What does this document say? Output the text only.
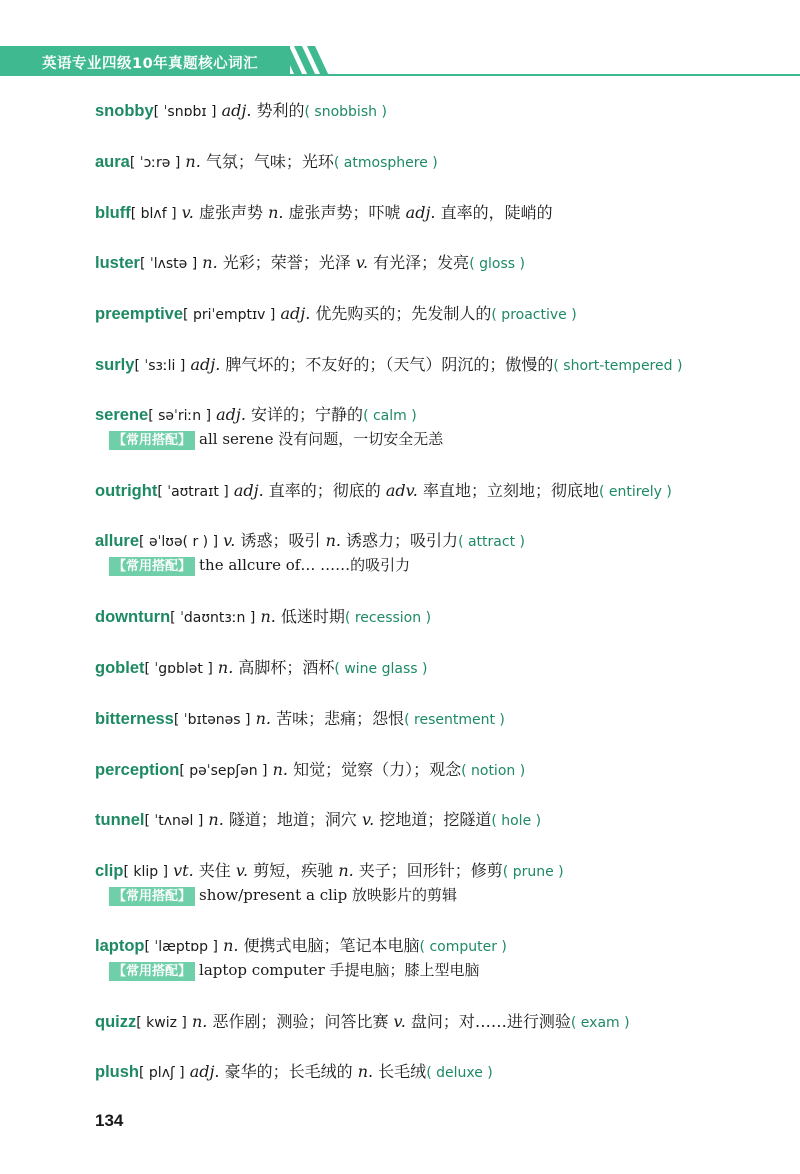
英语专业四级10年真题核心词汇
snobby[ ˈsnɒbɪ ] adj. 势利的( snobbish )
aura[ ˈɔːrə ] n. 气氛；气味；光环( atmosphere )
bluff[ blʌf ] v. 虚张声势 n. 虚张声势；吓唬 adj. 直率的，陡峭的
luster[ ˈlʌstə ] n. 光彩；荣誉；光泽 v. 有光泽；发亮( gloss )
preemptive[ priˈemptɪv ] adj. 优先购买的；先发制人的( proactive )
surly[ ˈsɜːli ] adj. 脾气坏的；不友好的；（天气）阴沉的；傲慢的( short-tempered )
serene[ səˈriːn ] adj. 安详的；宁静的( calm )
【常用搭配】 all serene 没有问题，一切安全无恙
outright[ ˈaʊtraɪt ] adj. 直率的；彻底的 adv. 率直地；立刻地；彻底地( entirely )
allure[ əˈlʊə( r ) ] v. 诱惑；吸引 n. 诱惑力；吸引力( attract )
【常用搭配】 the allcure of… ……的吸引力
downturn[ ˈdaʊntɜːn ] n. 低迷时期( recession )
goblet[ ˈgɒblət ] n. 高脚杯；酒杯( wine glass )
bitterness[ ˈbɪtənəs ] n. 苦味；悲痛；怨恨( resentment )
perception[ pəˈsepʃən ] n. 知觉；觉察（力）；观念( notion )
tunnel[ ˈtʌnəl ] n. 隧道；地道；洞穴 v. 挖地道；挖隧道( hole )
clip[ klip ] vt. 夹住 v. 剪短，疾驰 n. 夹子；回形针；修剪( prune )
【常用搭配】 show/present a clip 放映影片的剪辑
laptop[ ˈlæptɒp ] n. 便携式电脑；笔记本电脑( computer )
【常用搭配】 laptop computer 手提电脑；膝上型电脑
quizz[ kwiz ] n. 恶作剧；测验；问答比赛 v. 盘问；对……进行测验( exam )
plush[ plʌʃ ] adj. 豪华的；长毛绒的 n. 长毛绒( deluxe )
134
